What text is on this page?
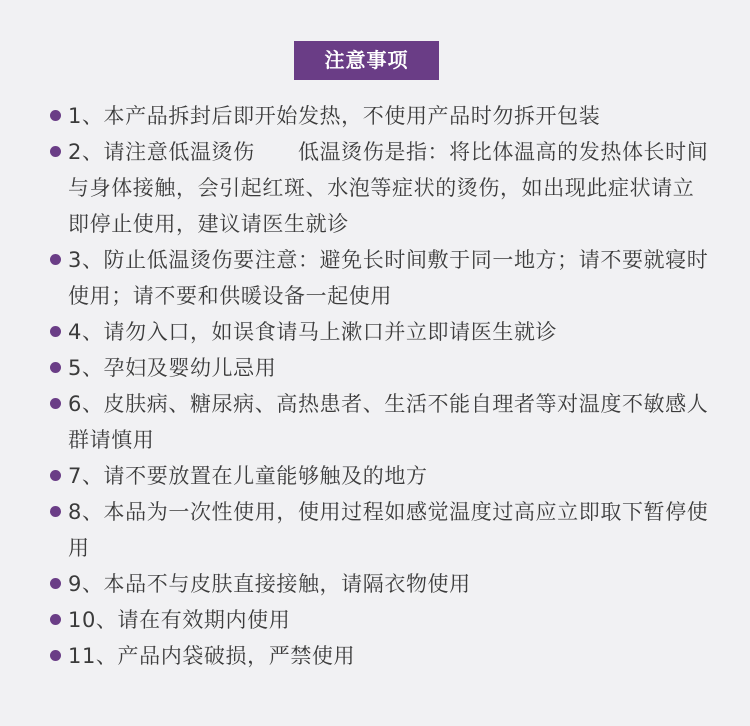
注意事项
1、本产品拆封后即开始发热，不使用产品时勿拆开包装
2、请注意低温烫伤　　低温烫伤是指：将比体温高的发热体长时间与身体接触，会引起红斑、水泡等症状的烫伤，如出现此症状请立即停止使用，建议请医生就诊
3、防止低温烫伤要注意：避免长时间敷于同一地方；请不要就寝时使用；请不要和供暖设备一起使用
4、请勿入口，如误食请马上漱口并立即请医生就诊
5、孕妇及婴幼儿忌用
6、皮肤病、糖尿病、高热患者、生活不能自理者等对温度不敏感人群请慎用
7、请不要放置在儿童能够触及的地方
8、本品为一次性使用，使用过程如感觉温度过高应立即取下暂停使用
9、本品不与皮肤直接接触，请隔衣物使用
10、请在有效期内使用
11、产品内袋破损，严禁使用
